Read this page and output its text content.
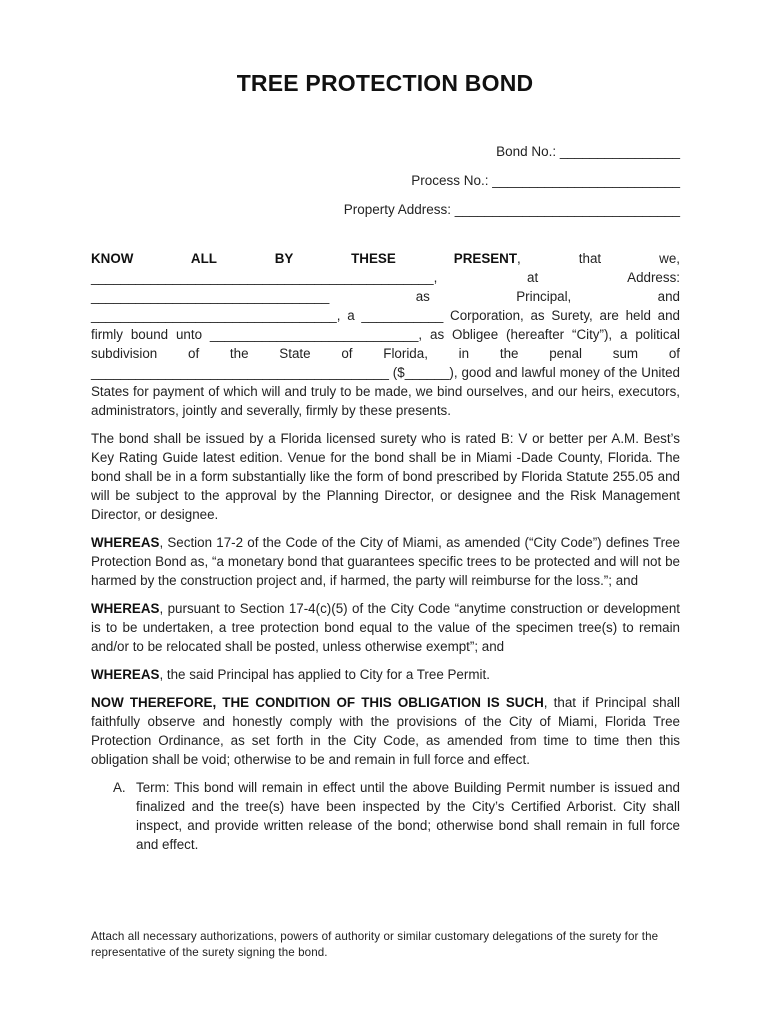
TREE PROTECTION BOND
Bond No.: ________________
Process No.: _________________________
Property Address: ______________________________

KNOW ALL BY THESE PRESENT, that we, ______________________________________________, at Address: ________________________________ as Principal, and _________________________________, a ___________ Corporation, as Surety, are held and firmly bound unto ____________________________, as Obligee (hereafter “City”), a political subdivision of the State of Florida, in the penal sum of ________________________________________ ($______), good and lawful money of the United States for payment of which will and truly to be made, we bind ourselves, and our heirs, executors, administrators, jointly and severally, firmly by these presents.

The bond shall be issued by a Florida licensed surety who is rated B: V or better per A.M. Best’s Key Rating Guide latest edition. Venue for the bond shall be in Miami -Dade County, Florida. The bond shall be in a form substantially like the form of bond prescribed by Florida Statute 255.05 and will be subject to the approval by the Planning Director, or designee and the Risk Management Director, or designee.

WHEREAS, Section 17-2 of the Code of the City of Miami, as amended (“City Code”) defines Tree Protection Bond as, “a monetary bond that guarantees specific trees to be protected and will not be harmed by the construction project and, if harmed, the party will reimburse for the loss.”; and

WHEREAS, pursuant to Section 17-4(c)(5) of the City Code “anytime construction or development is to be undertaken, a tree protection bond equal to the value of the specimen tree(s) to remain and/or to be relocated shall be posted, unless otherwise exempt”; and

WHEREAS, the said Principal has applied to City for a Tree Permit.

NOW THEREFORE, THE CONDITION OF THIS OBLIGATION IS SUCH, that if Principal shall faithfully observe and honestly comply with the provisions of the City of Miami, Florida Tree Protection Ordinance, as set forth in the City Code, as amended from time to time then this obligation shall be void; otherwise to be and remain in full force and effect.

A. Term: This bond will remain in effect until the above Building Permit number is issued and finalized and the tree(s) have been inspected by the City’s Certified Arborist. City shall inspect, and provide written release of the bond; otherwise bond shall remain in full force and effect.
Attach all necessary authorizations, powers of authority or similar customary delegations of the surety for the representative of the surety signing the bond.
